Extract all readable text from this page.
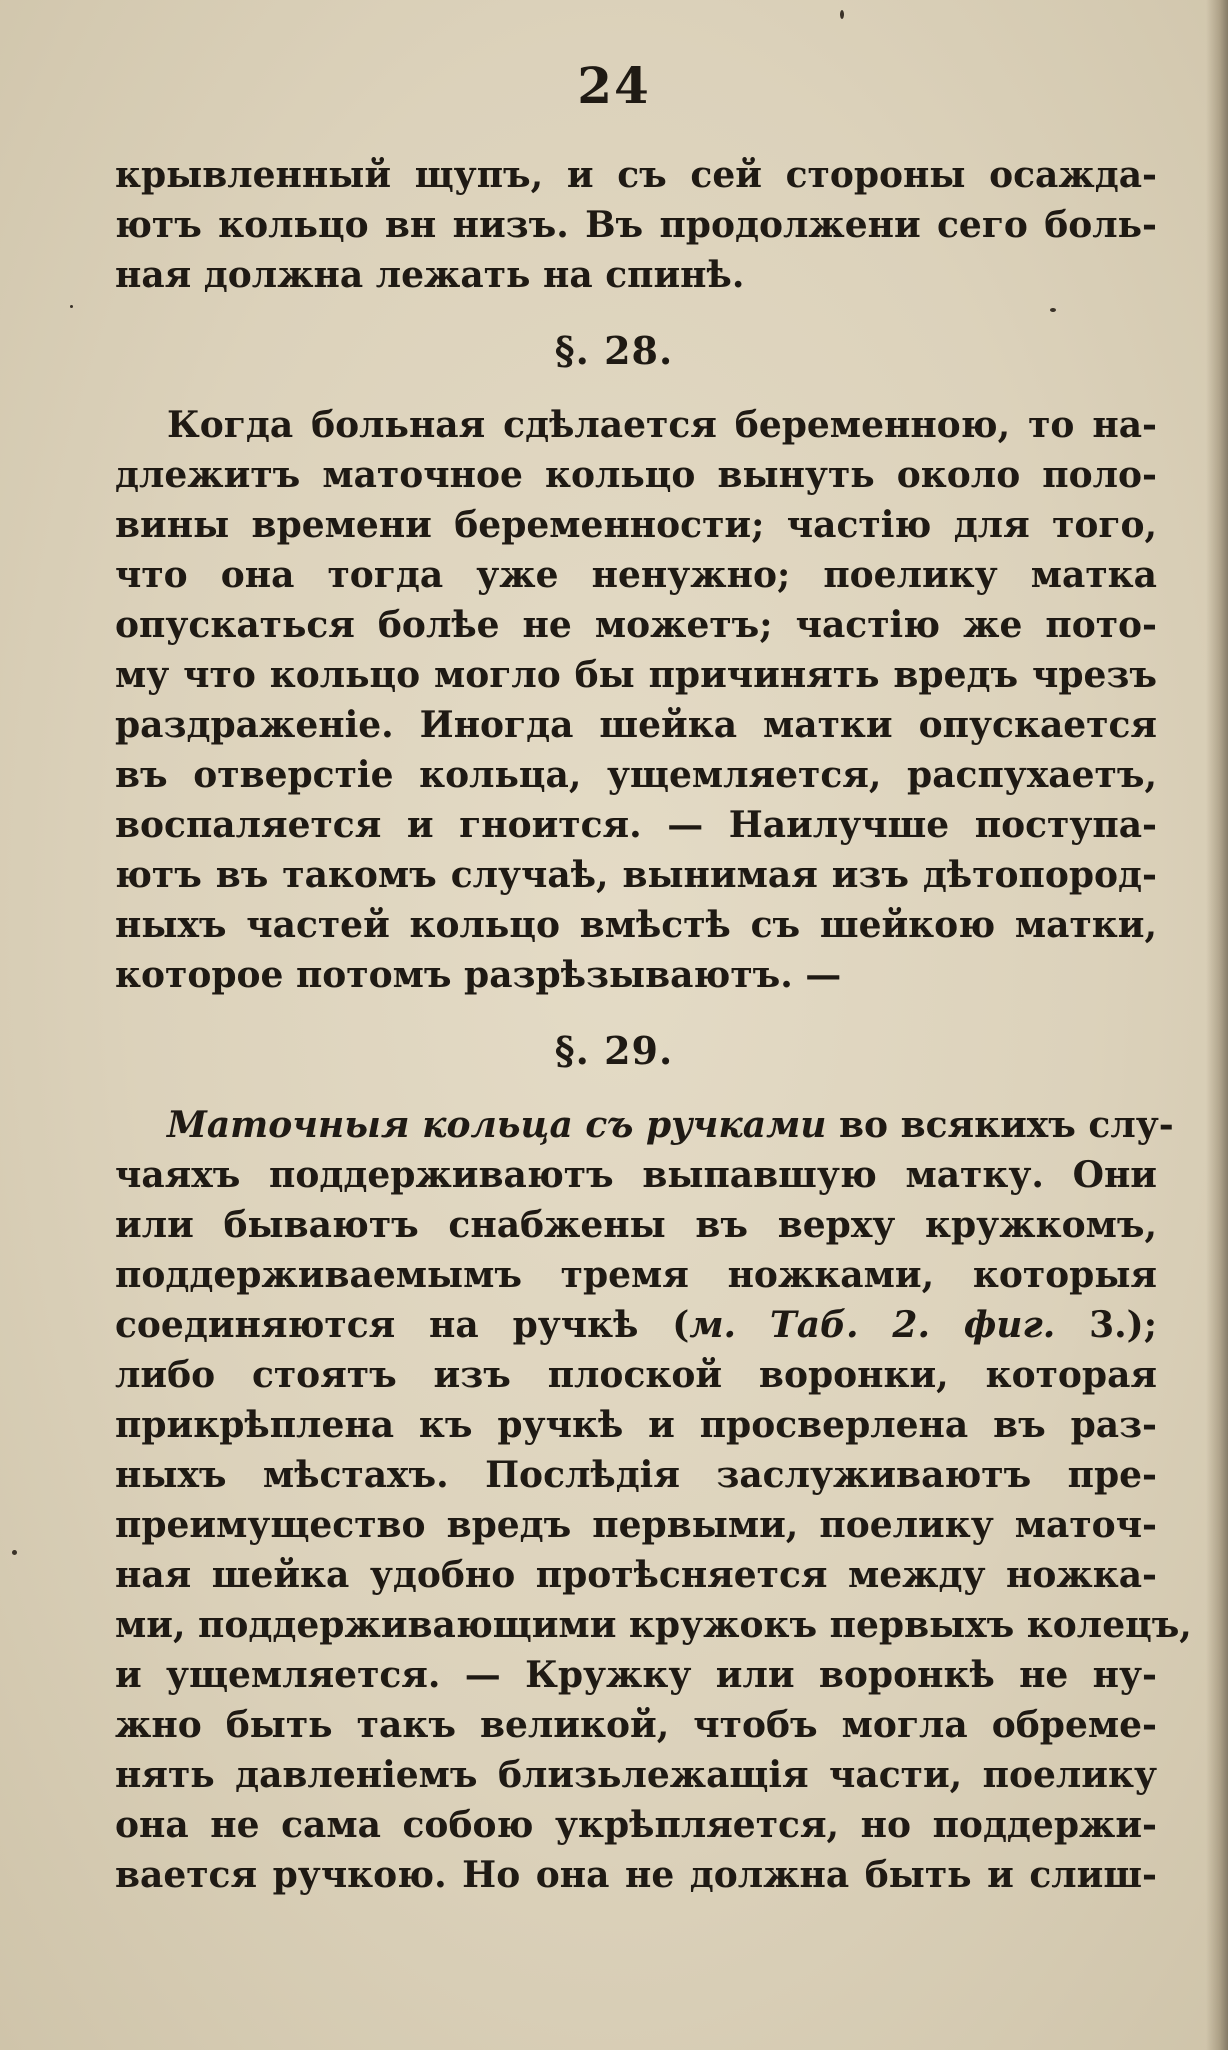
24
крывленный щупъ, и съ сей стороны осажда-
ютъ кольцо вн низъ. Въ продолжени сего боль-
ная должна лежать на спинѣ.
§. 28.
Когда больная сдѣлается беременною, то на-
длежитъ маточное кольцо вынуть около поло-
вины времени беременности; частію для того,
что она тогда уже ненужно; поелику матка
опускаться болѣе не можетъ; частію же пото-
му что кольцо могло бы причинять вредъ чрезъ
раздраженіе. Иногда шейка матки опускается
въ отверстіе кольца, ущемляется, распухаетъ,
воспаляется и гноится. — Наилучше поступа-
ютъ въ такомъ случаѣ, вынимая изъ дѣтопород-
ныхъ частей кольцо вмѣстѣ съ шейкою матки,
которое потомъ разрѣзываютъ. —
§. 29.
Маточныя кольца съ ручками во всякихъ слу-
чаяхъ поддерживаютъ выпавшую матку. Они
или бываютъ снабжены въ верху кружкомъ,
поддерживаемымъ тремя ножками, которыя
соединяются на ручкѣ (м. Таб. 2. фиг. 3.);
либо стоятъ изъ плоской воронки, которая
прикрѣплена къ ручкѣ и просверлена въ раз-
ныхъ мѣстахъ. Послѣдія заслуживаютъ пре-
преимущество вредъ первыми, поелику маточ-
ная шейка удобно протѣсняется между ножка-
ми, поддерживающими кружокъ первыхъ колецъ,
и ущемляется. — Кружку или воронкѣ не ну-
жно быть такъ великой, чтобъ могла обреме-
нять давленіемъ близьлежащія части, поелику
она не сама собою укрѣпляется, но поддержи-
вается ручкою. Но она не должна быть и слиш-
